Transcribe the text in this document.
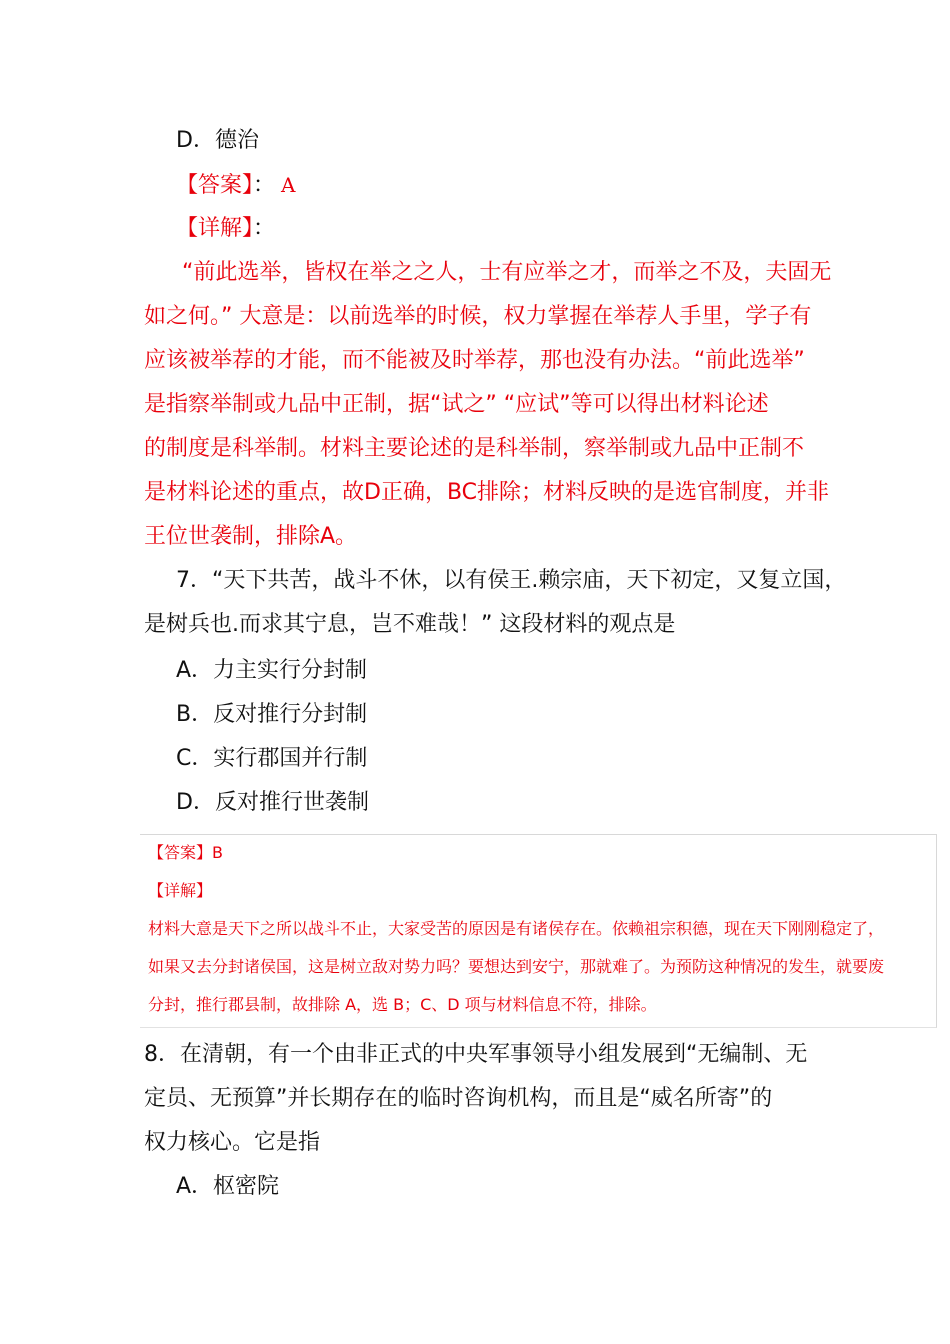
D．德治
【答案】： A
【详解】：
“前此选举，皆权在举之之人，士有应举之才，而举之不及，夫固无
如之何。” 大意是：以前选举的时候，权力掌握在举荐人手里，学子有
应该被举荐的才能，而不能被及时举荐，那也没有办法。“前此选举”
是指察举制或九品中正制，据“试之” “应试”等可以得出材料论述
的制度是科举制。材料主要论述的是科举制，察举制或九品中正制不
是材料论述的重点，故D正确，BC排除；材料反映的是选官制度，并非
王位世袭制，排除A。
7．“天下共苦，战斗不休，以有侯王.赖宗庙，天下初定，又复立国，
是树兵也.而求其宁息，岂不难哉！” 这段材料的观点是
A．力主实行分封制
B．反对推行分封制
C．实行郡国并行制
D．反对推行世袭制
【答案】B
【详解】
材料大意是天下之所以战斗不止，大家受苦的原因是有诸侯存在。依赖祖宗积德，现在天下刚刚稳定了，
如果又去分封诸侯国，这是树立敌对势力吗？要想达到安宁，那就难了。为预防这种情况的发生，就要废
分封，推行郡县制，故排除 A，选 B；C、D 项与材料信息不符，排除。
8．在清朝，有一个由非正式的中央军事领导小组发展到“无编制、无
定员、无预算”并长期存在的临时咨询机构，而且是“威名所寄”的
权力核心。它是指
A．枢密院
